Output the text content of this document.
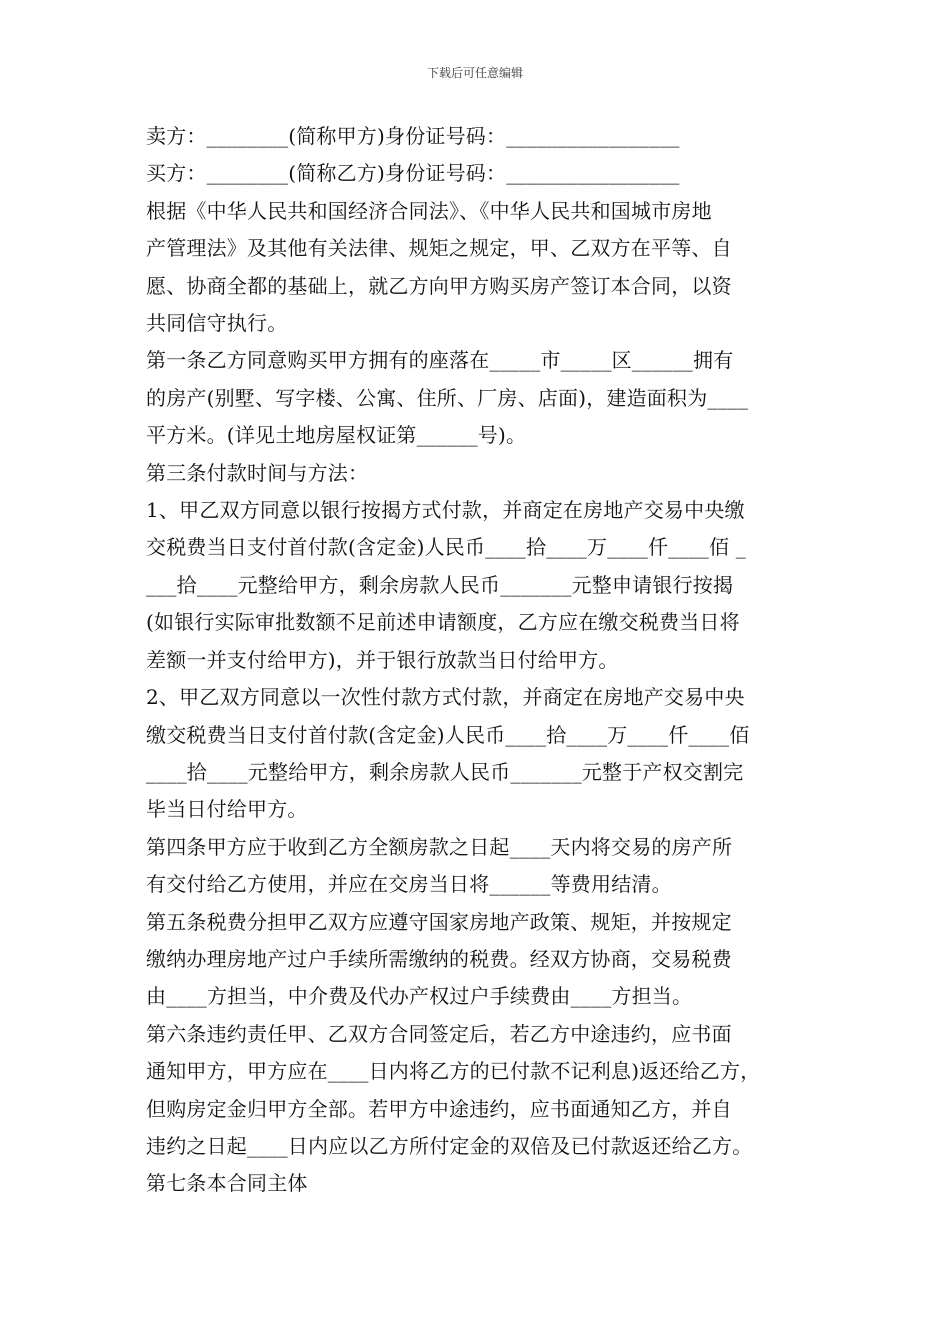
下载后可任意编辑

卖方：________(简称甲方)身份证号码：_________________

买方：________(简称乙方)身份证号码：_________________

根据《中华人民共和国经济合同法》、《中华人民共和国城市房地

产管理法》及其他有关法律、规矩之规定，甲、乙双方在平等、自

愿、协商全都的基础上，就乙方向甲方购买房产签订本合同，以资

共同信守执行。

第一条乙方同意购买甲方拥有的座落在_____市_____区______拥有

的房产(别墅、写字楼、公寓、住所、厂房、店面)，建造面积为____

平方米。(详见土地房屋权证第______号)。

第三条付款时间与方法：

1、甲乙双方同意以银行按揭方式付款，并商定在房地产交易中央缴

交税费当日支付首付款(含定金)人民币____拾____万____仟____佰 _

___拾____元整给甲方，剩余房款人民币_______元整申请银行按揭

(如银行实际审批数额不足前述申请额度，乙方应在缴交税费当日将

差额一并支付给甲方)，并于银行放款当日付给甲方。

2、甲乙双方同意以一次性付款方式付款，并商定在房地产交易中央

缴交税费当日支付首付款(含定金)人民币____拾____万____仟____佰

____拾____元整给甲方，剩余房款人民币_______元整于产权交割完

毕当日付给甲方。

第四条甲方应于收到乙方全额房款之日起____天内将交易的房产所

有交付给乙方使用，并应在交房当日将______等费用结清。

第五条税费分担甲乙双方应遵守国家房地产政策、规矩，并按规定

缴纳办理房地产过户手续所需缴纳的税费。经双方协商，交易税费

由____方担当，中介费及代办产权过户手续费由____方担当。

第六条违约责任甲、乙双方合同签定后，若乙方中途违约，应书面

通知甲方，甲方应在____日内将乙方的已付款不记利息)返还给乙方，

但购房定金归甲方全部。若甲方中途违约，应书面通知乙方，并自

违约之日起____日内应以乙方所付定金的双倍及已付款返还给乙方。

第七条本合同主体
